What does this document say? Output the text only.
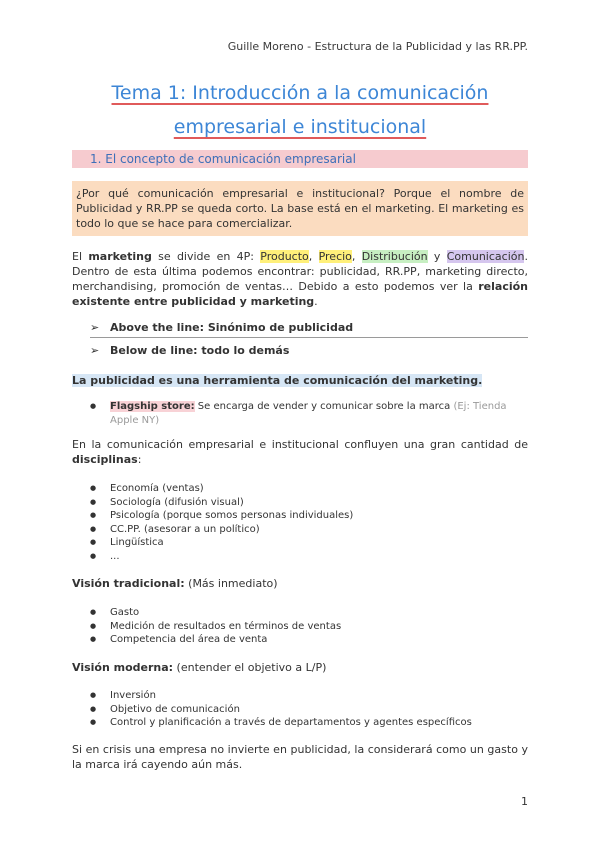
Guille Moreno - Estructura de la Publicidad y las RR.PP.
Tema 1: Introducción a la comunicación
empresarial e institucional
1. El concepto de comunicación empresarial
¿Por qué comunicación empresarial e institucional? Porque el nombre de Publicidad y RR.PP se queda corto. La base está en el marketing. El marketing es todo lo que se hace para comercializar.
El marketing se divide en 4P: Producto, Precio, Distribución y Comunicación. Dentro de esta última podemos encontrar: publicidad, RR.PP, marketing directo, merchandising, promoción de ventas… Debido a esto podemos ver la relación existente entre publicidad y marketing.
➢ Above the line: Sinónimo de publicidad
➢ Below de line: todo lo demás
La publicidad es una herramienta de comunicación del marketing.
● Flagship store: Se encarga de vender y comunicar sobre la marca (Ej: Tienda Apple NY)
En la comunicación empresarial e institucional confluyen una gran cantidad de disciplinas:
● Economía (ventas)
● Sociología (difusión visual)
● Psicología (porque somos personas individuales)
● CC.PP. (asesorar a un político)
● Lingüística
● ...
Visión tradicional: (Más inmediato)
● Gasto
● Medición de resultados en términos de ventas
● Competencia del área de venta
Visión moderna: (entender el objetivo a L/P)
● Inversión
● Objetivo de comunicación
● Control y planificación a través de departamentos y agentes específicos
Si en crisis una empresa no invierte en publicidad, la considerará como un gasto y la marca irá cayendo aún más.
1
